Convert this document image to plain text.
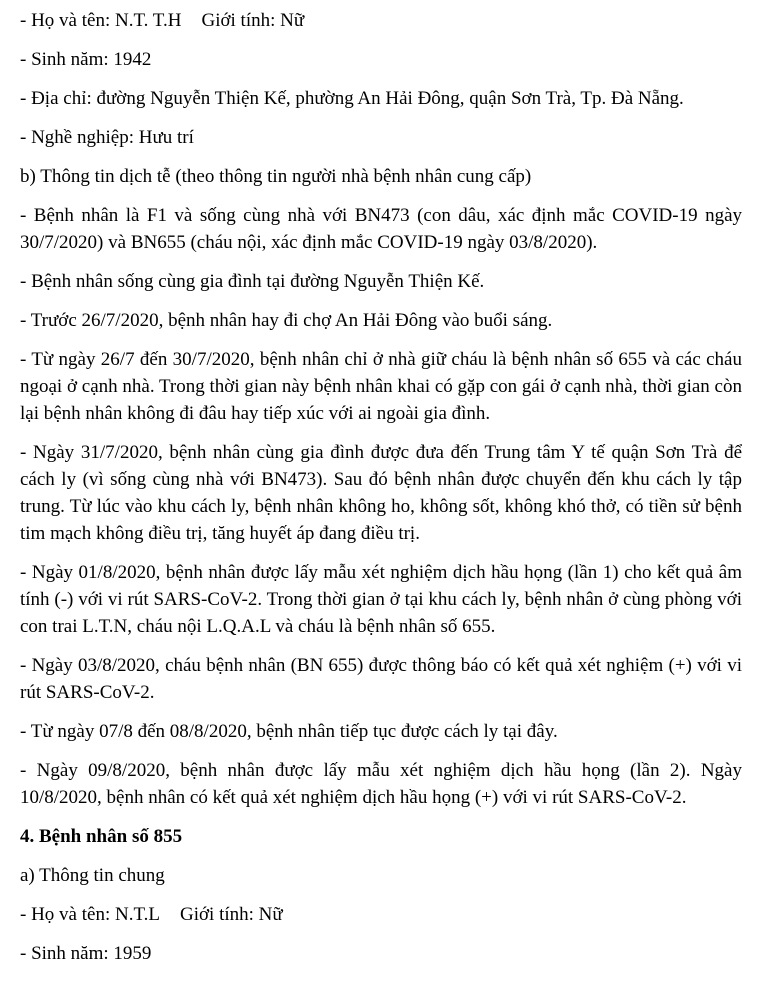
- Họ và tên: N.T. T.H Giới tính: Nữ

- Sinh năm: 1942

- Địa chỉ: đường Nguyễn Thiện Kế, phường An Hải Đông, quận Sơn Trà, Tp. Đà Nẵng.

- Nghề nghiệp: Hưu trí

b) Thông tin dịch tễ (theo thông tin người nhà bệnh nhân cung cấp)

- Bệnh nhân là F1 và sống cùng nhà với BN473 (con dâu, xác định mắc COVID-19 ngày 30/7/2020) và BN655 (cháu nội, xác định mắc COVID-19 ngày 03/8/2020).

- Bệnh nhân sống cùng gia đình tại đường Nguyễn Thiện Kế.

- Trước 26/7/2020, bệnh nhân hay đi chợ An Hải Đông vào buổi sáng.

- Từ ngày 26/7 đến 30/7/2020, bệnh nhân chỉ ở nhà giữ cháu là bệnh nhân số 655 và các cháu ngoại ở cạnh nhà. Trong thời gian này bệnh nhân khai có gặp con gái ở cạnh nhà, thời gian còn lại bệnh nhân không đi đâu hay tiếp xúc với ai ngoài gia đình.

- Ngày 31/7/2020, bệnh nhân cùng gia đình được đưa đến Trung tâm Y tế quận Sơn Trà để cách ly (vì sống cùng nhà với BN473). Sau đó bệnh nhân được chuyển đến khu cách ly tập trung. Từ lúc vào khu cách ly, bệnh nhân không ho, không sốt, không khó thở, có tiền sử bệnh tim mạch không điều trị, tăng huyết áp đang điều trị.

- Ngày 01/8/2020, bệnh nhân được lấy mẫu xét nghiệm dịch hầu họng (lần 1) cho kết quả âm tính (-) với vi rút SARS-CoV-2. Trong thời gian ở tại khu cách ly, bệnh nhân ở cùng phòng với con trai L.T.N, cháu nội L.Q.A.L và cháu là bệnh nhân số 655.

- Ngày 03/8/2020, cháu bệnh nhân (BN 655) được thông báo có kết quả xét nghiệm (+) với vi rút SARS-CoV-2.

- Từ ngày 07/8 đến 08/8/2020, bệnh nhân tiếp tục được cách ly tại đây.

- Ngày 09/8/2020, bệnh nhân được lấy mẫu xét nghiệm dịch hầu họng (lần 2). Ngày 10/8/2020, bệnh nhân có kết quả xét nghiệm dịch hầu họng (+) với vi rút SARS-CoV-2.

4. Bệnh nhân số 855

a) Thông tin chung

- Họ và tên: N.T.L Giới tính: Nữ

- Sinh năm: 1959
